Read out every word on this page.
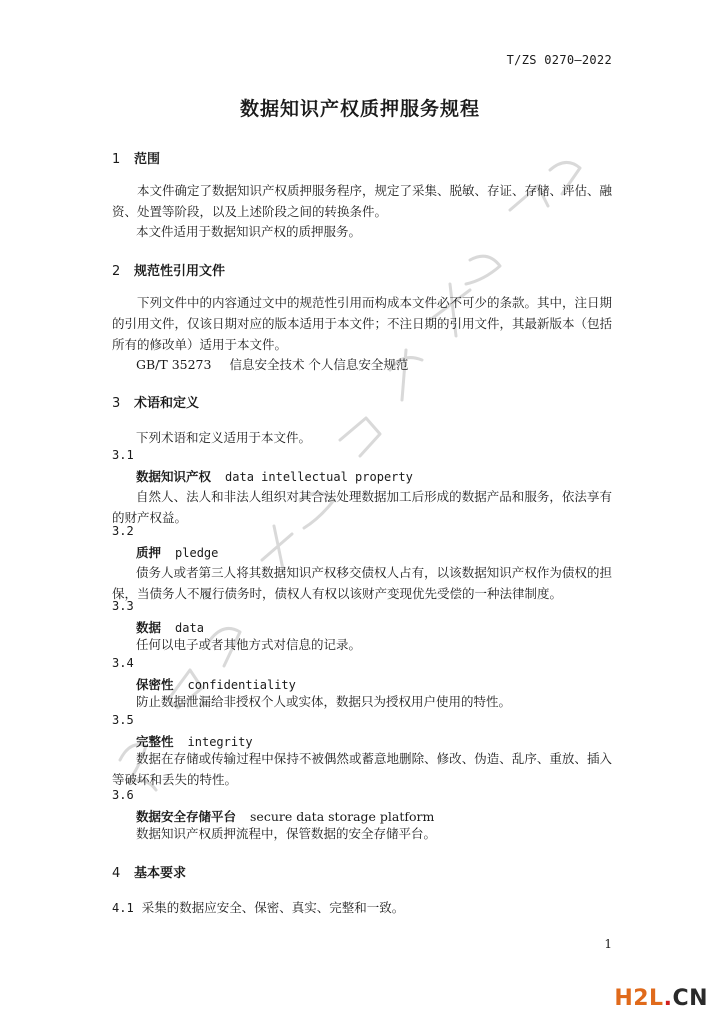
T/ZS 0270—2022
数据知识产权质押服务规程
1 范围
本文件确定了数据知识产权质押服务程序，规定了采集、脱敏、存证、存储、评估、融资、处置等阶段，以及上述阶段之间的转换条件。
本文件适用于数据知识产权的质押服务。
2 规范性引用文件
下列文件中的内容通过文中的规范性引用而构成本文件必不可少的条款。其中，注日期的引用文件，仅该日期对应的版本适用于本文件；不注日期的引用文件，其最新版本（包括所有的修改单）适用于本文件。
GB/T 35273 信息安全技术 个人信息安全规范
3 术语和定义
下列术语和定义适用于本文件。
3.1
数据知识产权 data intellectual property
自然人、法人和非法人组织对其合法处理数据加工后形成的数据产品和服务，依法享有的财产权益。
3.2
质押 pledge
债务人或者第三人将其数据知识产权移交债权人占有，以该数据知识产权作为债权的担保，当债务人不履行债务时，债权人有权以该财产变现优先受偿的一种法律制度。
3.3
数据 data
任何以电子或者其他方式对信息的记录。
3.4
保密性 confidentiality
防止数据泄漏给非授权个人或实体，数据只为授权用户使用的特性。
3.5
完整性 integrity
数据在存储或传输过程中保持不被偶然或蓄意地删除、修改、伪造、乱序、重放、插入等破坏和丢失的特性。
3.6
数据安全存储平台 secure data storage platform
数据知识产权质押流程中，保管数据的安全存储平台。
4 基本要求
4.1 采集的数据应安全、保密、真实、完整和一致。
1
H2L.CN
